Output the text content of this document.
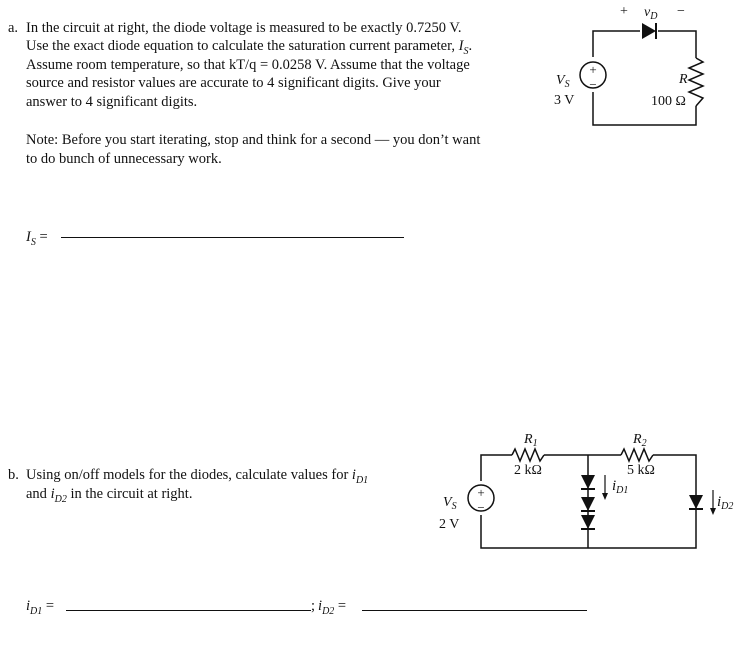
a. In the circuit at right, the diode voltage is measured to be exactly 0.7250 V.
Use the exact diode equation to calculate the saturation current parameter, $I_S$.
Assume room temperature, so that kT/q = 0.0258 V. Assume that the voltage
source and resistor values are accurate to 4 significant digits. Give your
answer to 4 significant digits.
Note: Before you start iterating, stop and think for a second — you don’t want
to do bunch of unnecessary work.
$I_S$ =
b. Using on/off models for the diodes, calculate values for $i_{D1}$
and $i_{D2}$ in the circuit at right.
$i_{D1}$ =	; $i_{D2}$ =
+
−
+ $v_D$ −
$V_S$
3 V
R
100 Ω
+
−
$R_1$
2 kΩ
$R_2$
5 kΩ
$V_S$
2 V
$i_{D1}$
$i_{D2}$
